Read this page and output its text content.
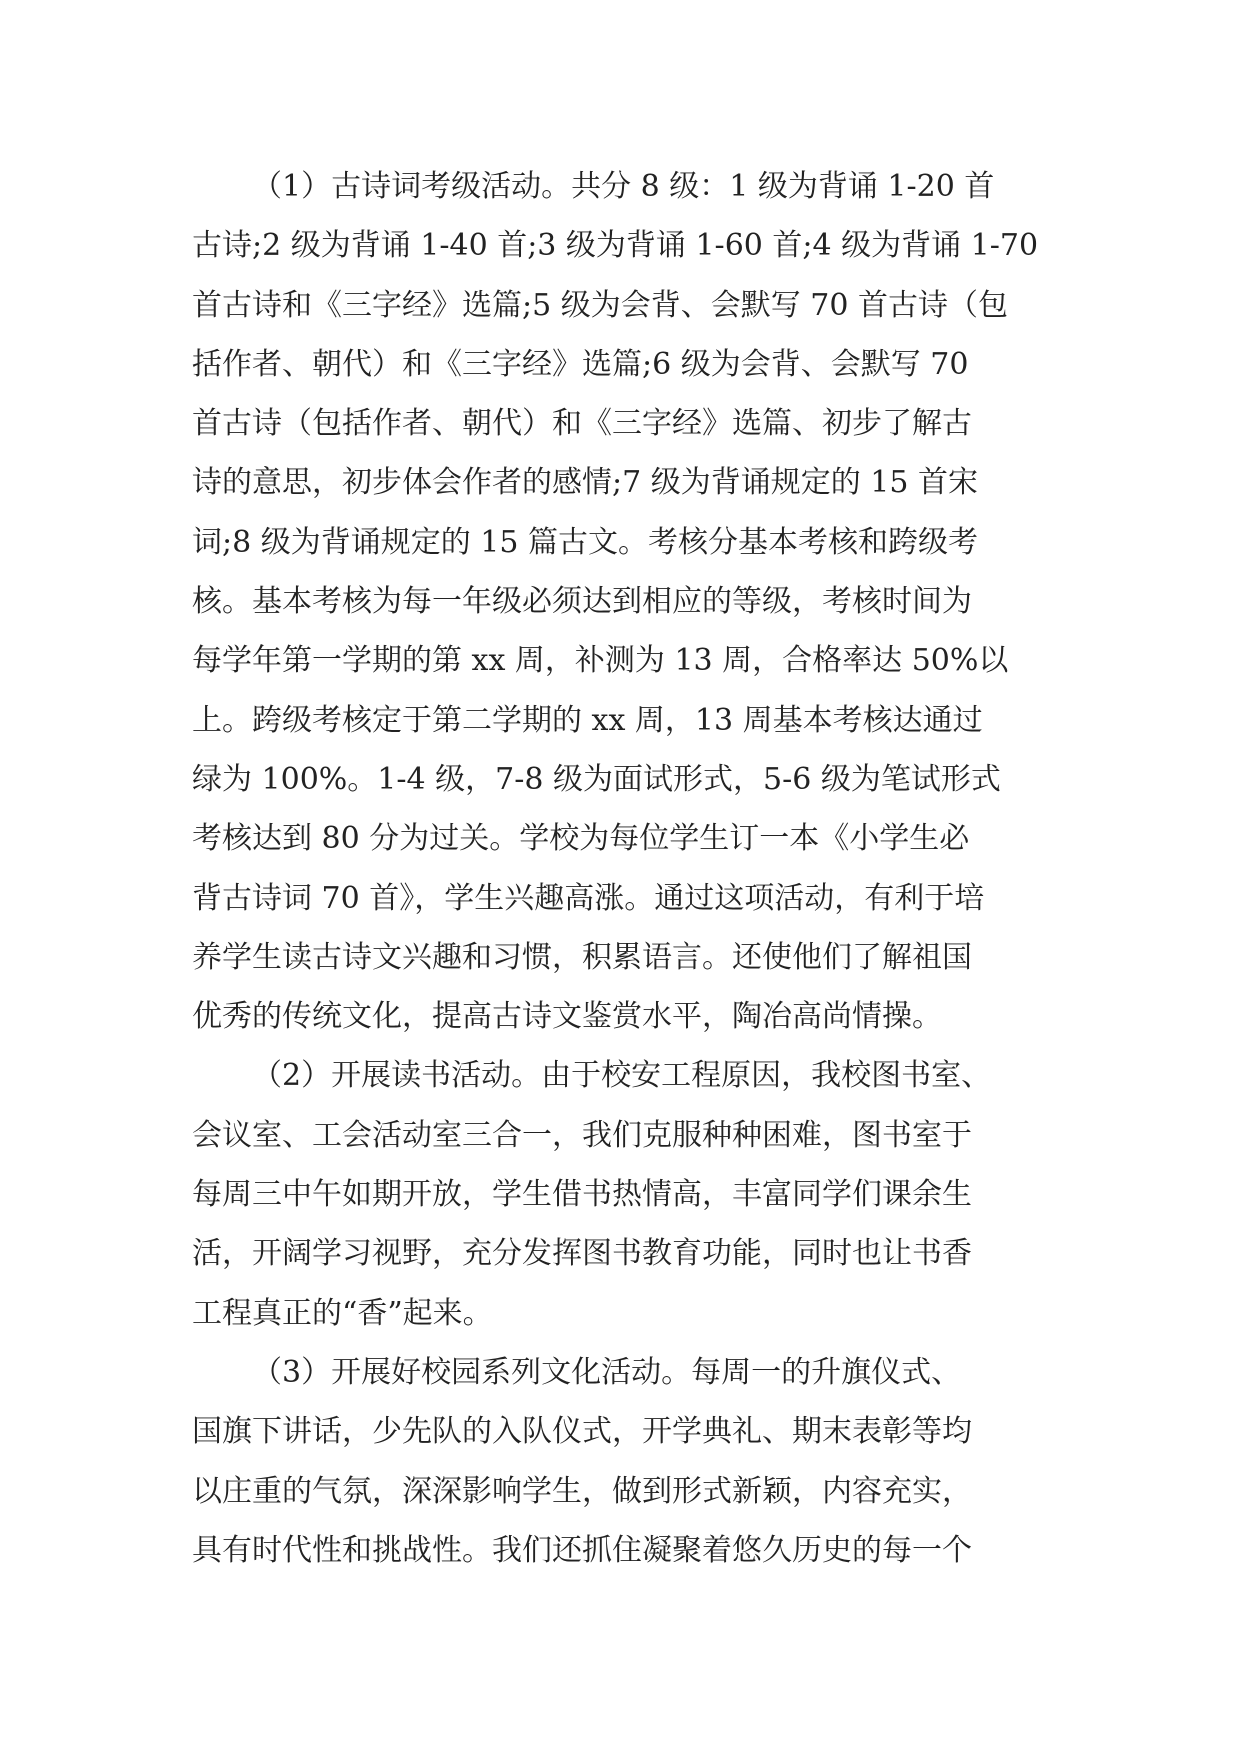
（1）古诗词考级活动。共分 8 级：1 级为背诵 1-20 首
古诗;2 级为背诵 1-40 首;3 级为背诵 1-60 首;4 级为背诵 1-70
首古诗和《三字经》选篇;5 级为会背、会默写 70 首古诗（包
括作者、朝代）和《三字经》选篇;6 级为会背、会默写 70
首古诗（包括作者、朝代）和《三字经》选篇、初步了解古
诗的意思，初步体会作者的感情;7 级为背诵规定的 15 首宋
词;8 级为背诵规定的 15 篇古文。考核分基本考核和跨级考
核。基本考核为每一年级必须达到相应的等级，考核时间为
每学年第一学期的第 xx 周，补测为 13 周，合格率达 50%以
上。跨级考核定于第二学期的 xx 周，13 周基本考核达通过
绿为 100%。1-4 级，7-8 级为面试形式，5-6 级为笔试形式
考核达到 80 分为过关。学校为每位学生订一本《小学生必
背古诗词 70 首》，学生兴趣高涨。通过这项活动，有利于培
养学生读古诗文兴趣和习惯，积累语言。还使他们了解祖国
优秀的传统文化，提高古诗文鉴赏水平，陶冶高尚情操。
（2）开展读书活动。由于校安工程原因，我校图书室、
会议室、工会活动室三合一，我们克服种种困难，图书室于
每周三中午如期开放，学生借书热情高，丰富同学们课余生
活，开阔学习视野，充分发挥图书教育功能，同时也让书香
工程真正的“香”起来。
（3）开展好校园系列文化活动。每周一的升旗仪式、
国旗下讲话，少先队的入队仪式，开学典礼、期末表彰等均
以庄重的气氛，深深影响学生，做到形式新颖，内容充实，
具有时代性和挑战性。我们还抓住凝聚着悠久历史的每一个
